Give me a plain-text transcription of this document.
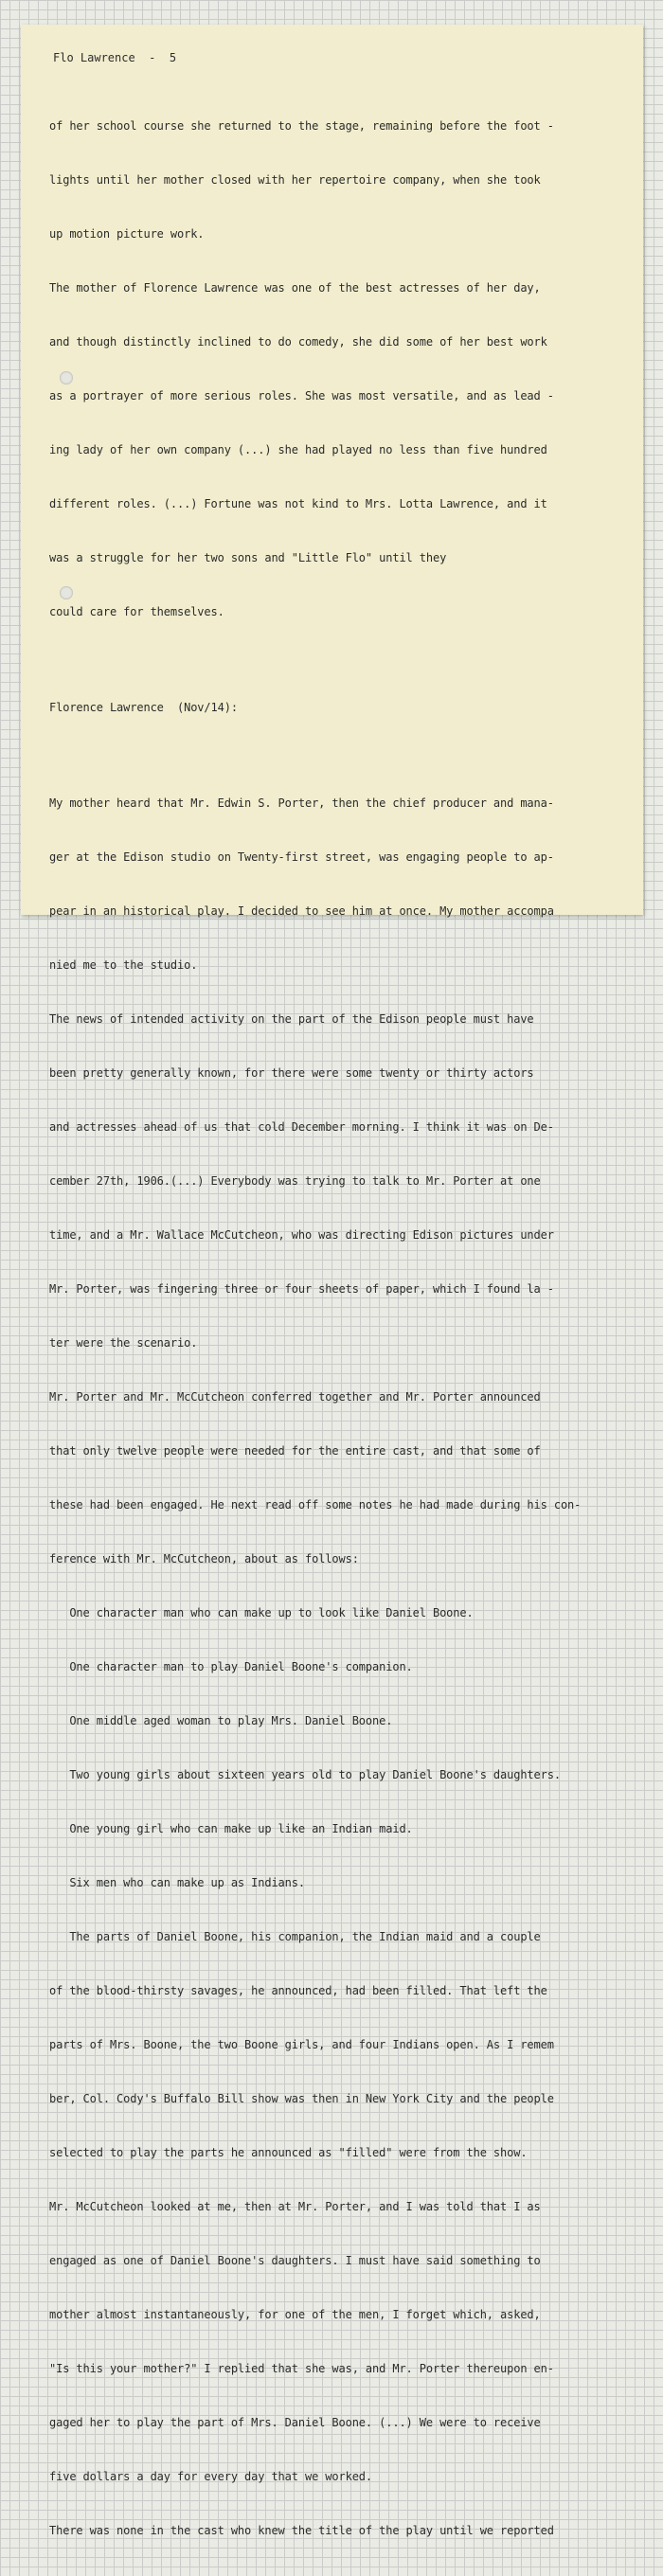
Flo Lawrence  -  5

of her school course she returned to the stage, remaining before the foot -

lights until her mother closed with her repertoire company, when she took

up motion picture work.

The mother of Florence Lawrence was one of the best actresses of her day,

and though distinctly inclined to do comedy, she did some of her best work

as a portrayer of more serious roles. She was most versatile, and as lead -

ing lady of her own company (...) she had played no less than five hundred

different roles. (...) Fortune was not kind to Mrs. Lotta Lawrence, and it

was a struggle for her two sons and "Little Flo" until they

could care for themselves.

Florence Lawrence  (Nov/14):

My mother heard that Mr. Edwin S. Porter, then the chief producer and mana-

ger at the Edison studio on Twenty-first street, was engaging people to ap-

pear in an historical play. I decided to see him at once. My mother accompa

nied me to the studio.

The news of intended activity on the part of the Edison people must have

been pretty generally known, for there were some twenty or thirty actors

and actresses ahead of us that cold December morning. I think it was on De-

cember 27th, 1906.(...) Everybody was trying to talk to Mr. Porter at one

time, and a Mr. Wallace McCutcheon, who was directing Edison pictures under

Mr. Porter, was fingering three or four sheets of paper, which I found la -

ter were the scenario.

Mr. Porter and Mr. McCutcheon conferred together and Mr. Porter announced

that only twelve people were needed for the entire cast, and that some of

these had been engaged. He next read off some notes he had made during his con-

ference with Mr. McCutcheon, about as follows:

One character man who can make up to look like Daniel Boone.

One character man to play Daniel Boone's companion.

One middle aged woman to play Mrs. Daniel Boone.

Two young girls about sixteen years old to play Daniel Boone's daughters.

One young girl who can make up like an Indian maid.

Six men who can make up as Indians.

The parts of Daniel Boone, his companion, the Indian maid and a couple

of the blood-thirsty savages, he announced, had been filled. That left the

parts of Mrs. Boone, the two Boone girls, and four Indians open. As I remem

ber, Col. Cody's Buffalo Bill show was then in New York City and the people

selected to play the parts he announced as "filled" were from the show.

Mr. McCutcheon looked at me, then at Mr. Porter, and I was told that I as

engaged as one of Daniel Boone's daughters. I must have said something to

mother almost instantaneously, for one of the men, I forget which, asked,

"Is this your mother?" I replied that she was, and Mr. Porter thereupon en-

gaged her to play the part of Mrs. Daniel Boone. (...) We were to receive

five dollars a day for every day that we worked.

There was none in the cast who knew the title of the play until we reported
